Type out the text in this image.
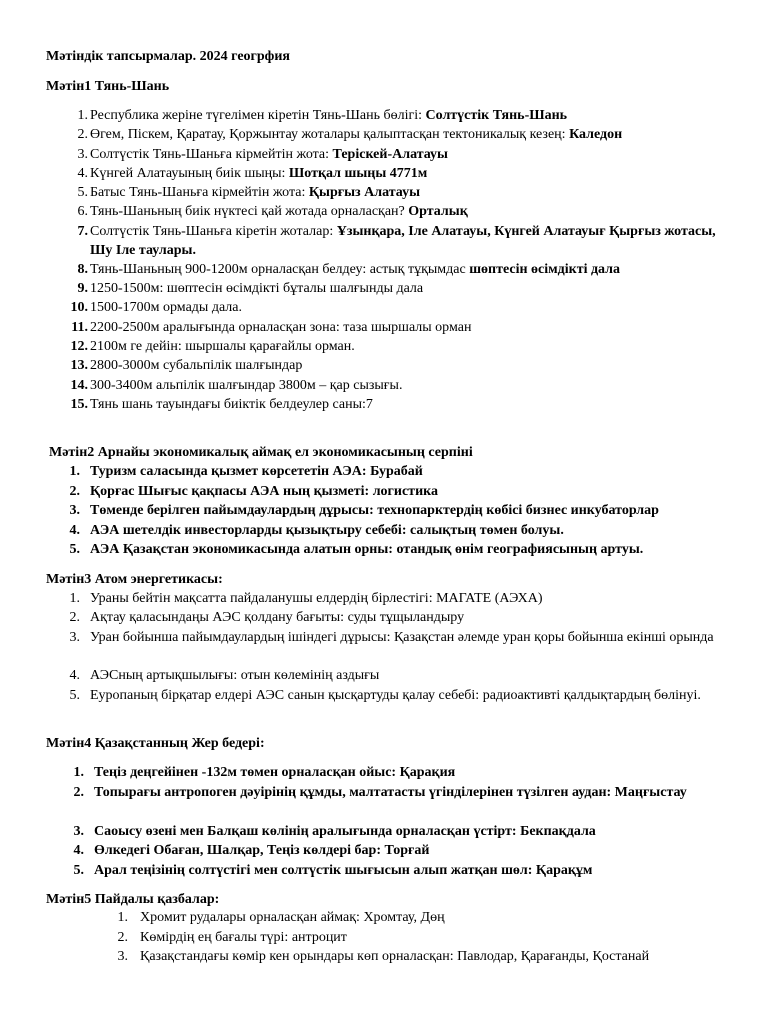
Мәтіндік тапсырмалар. 2024 геогрфия
Мәтін1 Тянь-Шань
1. Республика жеріне түгелімен кіретін Тянь-Шань бөлігі: Солтүстік Тянь-Шань
2. Өгем, Піскем, Қаратау, Қоржынтау жоталары қалыптасқан тектоникалық кезең: Каледон
3. Солтүстік Тянь-Шаньға кірмейтін жота: Теріскей-Алатауы
4. Күнгей Алатауының биік шыңы: Шотқал шыңы 4771м
5. Батыс Тянь-Шаньға кірмейтін жота: Қырғыз Алатауы
6. Тянь-Шаньның биік нүктесі қай жотада орналасқан? Орталық
7. Солтүстік Тянь-Шаньға кіретін жоталар: Ұзынқара, Іле Алатауы, Күнгей Алатауығ Қырғыз жотасы, Шу Іле таулары.
8. Тянь-Шаньның 900-1200м орналасқан белдеу: астық тұқымдас шөптесін өсімдікті дала
9. 1250-1500м: шөптесін өсімдікті бұталы шалғынды дала
10. 1500-1700м ормады дала.
11. 2200-2500м аралығында орналасқан зона: таза шыршалы орман
12. 2100м ге дейін: шыршалы қарағайлы орман.
13. 2800-3000м субальпілік шалғындар
14. 300-3400м альпілік шалғындар 3800м – қар сызығы.
15. Тянь шань тауындағы биіктік белдеулер саны:7
Мәтін2 Арнайы экономикалық аймақ ел экономикасының серпіні
1. Туризм саласында қызмет көрсететін АЭА: Бурабай
2. Қорғас Шығыс қақпасы АЭА ның қызметі: логистика
3. Төменде берілген пайымдаулардың дұрысы: технопарктердің көбісі бизнес инкубаторлар
4. АЭА шетелдік инвесторларды қызықтыру себебі: салықтың төмен болуы.
5. АЭА Қазақстан экономикасында алатын орны: отандық өнім географиясының артуы.
Мәтін3 Атом энергетикасы:
1. Ураны бейтін мақсатта пайдаланушы елдердің бірлестігі: МАГАТЕ (АЭХА)
2. Ақтау қаласындаңы АЭС қолдану бағыты: суды тұщыландыру
3. Уран бойынша пайымдаулардың ішіндегі дұрысы: Қазақстан әлемде уран қоры бойынша екінші орында
4. АЭСның артықшылығы: отын көлемінің аздығы
5. Еуропаның бірқатар елдері АЭС санын қысқартуды қалау себебі: радиоактивті қалдықтардың бөлінуі.
Мәтін4 Қазақстанның Жер бедері:
1. Теңіз деңгейінен -132м төмен орналасқан ойыс: Қарақия
2. Топырағы антропоген дәуірінің құмды, малтатасты үгінділерінен түзілген аудан: Маңғыстау
3. Саоысу өзені мен Балқаш көлінің аралығында орналасқан үстірт: Бекпақдала
4. Өлкедегі Обаған, Шалқар, Теңіз көлдері бар: Торғай
5. Арал теңізінің солтүстігі мен солтүстік шығысын алып жатқан шөл: Қарақұм
Мәтін5 Пайдалы қазбалар:
1. Хромит рудалары орналасқан аймақ: Хромтау, Дөң
2. Көмірдің ең бағалы түрі: антроцит
3. Қазақстандағы көмір кен орындары көп орналасқан: Павлодар, Қарағанды, Қостанай
